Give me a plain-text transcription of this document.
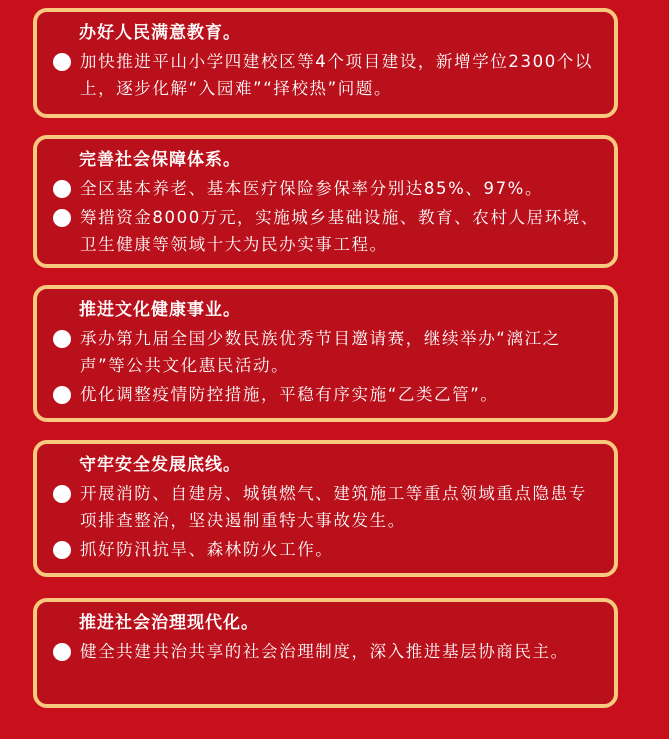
办好人民满意教育。
加快推进平山小学四建校区等4个项目建设，新增学位2300个以上，逐步化解“入园难”“择校热”问题。
完善社会保障体系。
全区基本养老、基本医疗保险参保率分别达85%、97%。
筹措资金8000万元，实施城乡基础设施、教育、农村人居环境、卫生健康等领域十大为民办实事工程。
推进文化健康事业。
承办第九届全国少数民族优秀节目邀请赛，继续举办“漓江之声”等公共文化惠民活动。
优化调整疫情防控措施，平稳有序实施“乙类乙管”。
守牢安全发展底线。
开展消防、自建房、城镇燃气、建筑施工等重点领域重点隐患专项排查整治，坚决遏制重特大事故发生。
抓好防汛抗旱、森林防火工作。
推进社会治理现代化。
健全共建共治共享的社会治理制度，深入推进基层协商民主。
